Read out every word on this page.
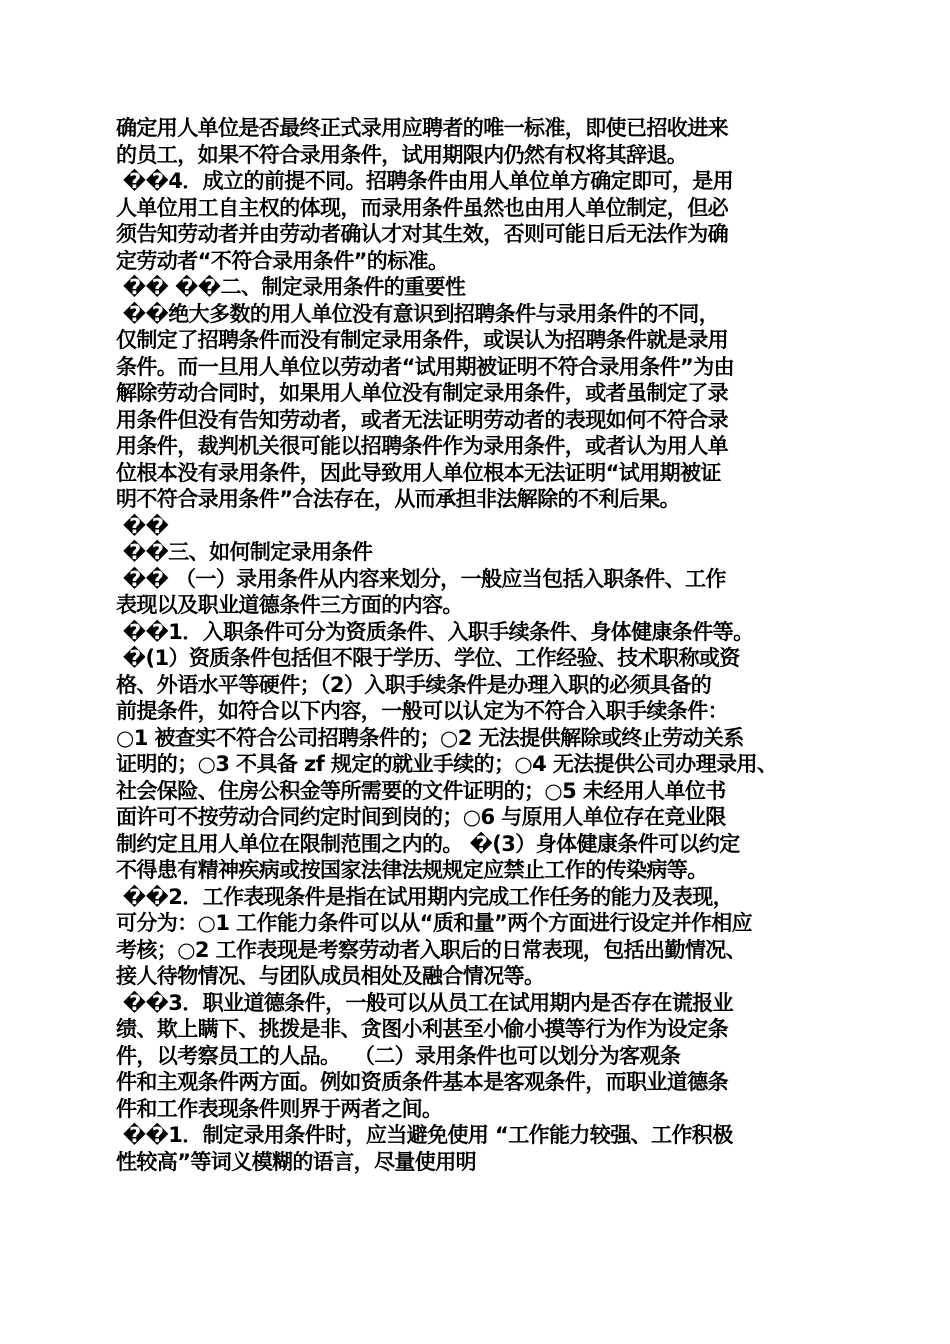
确定用人单位是否最终正式录用应聘者的唯一标准，即使已招收进来
的员工，如果不符合录用条件，试用期限内仍然有权将其辞退。
��4．成立的前提不同。招聘条件由用人单位单方确定即可，是用
人单位用工自主权的体现，而录用条件虽然也由用人单位制定，但必
须告知劳动者并由劳动者确认才对其生效，否则可能日后无法作为确
定劳动者“不符合录用条件”的标准。
�� ��二、制定录用条件的重要性
��绝大多数的用人单位没有意识到招聘条件与录用条件的不同，
仅制定了招聘条件而没有制定录用条件，或误认为招聘条件就是录用
条件。而一旦用人单位以劳动者“试用期被证明不符合录用条件”为由
解除劳动合同时，如果用人单位没有制定录用条件，或者虽制定了录
用条件但没有告知劳动者，或者无法证明劳动者的表现如何不符合录
用条件，裁判机关很可能以招聘条件作为录用条件，或者认为用人单
位根本没有录用条件，因此导致用人单位根本无法证明“试用期被证
明不符合录用条件”合法存在，从而承担非法解除的不利后果。
��
��三、如何制定录用条件
�� （一）录用条件从内容来划分，一般应当包括入职条件、工作
表现以及职业道德条件三方面的内容。
��1．入职条件可分为资质条件、入职手续条件、身体健康条件等。
�(1）资质条件包括但不限于学历、学位、工作经验、技术职称或资
格、外语水平等硬件；（2）入职手续条件是办理入职的必须具备的
前提条件，如符合以下内容，一般可以认定为不符合入职手续条件：
○1 被查实不符合公司招聘条件的；○2 无法提供解除或终止劳动关系
证明的；○3 不具备 zf 规定的就业手续的；○4 无法提供公司办理录用、
社会保险、住房公积金等所需要的文件证明的；○5 未经用人单位书
面许可不按劳动合同约定时间到岗的；○6 与原用人单位存在竞业限
制约定且用人单位在限制范围之内的。 �(3）身体健康条件可以约定
不得患有精神疾病或按国家法律法规规定应禁止工作的传染病等。
��2．工作表现条件是指在试用期内完成工作任务的能力及表现，
可分为：○1 工作能力条件可以从“质和量”两个方面进行设定并作相应
考核；○2 工作表现是考察劳动者入职后的日常表现，包括出勤情况、
接人待物情况、与团队成员相处及融合情况等。
��3．职业道德条件，一般可以从员工在试用期内是否存在谎报业
绩、欺上瞒下、挑拨是非、贪图小利甚至小偷小摸等行为作为设定条
件，以考察员工的人品。  （二）录用条件也可以划分为客观条
件和主观条件两方面。例如资质条件基本是客观条件，而职业道德条
件和工作表现条件则界于两者之间。
��1．制定录用条件时，应当避免使用 “工作能力较强、工作积极
性较高”等词义模糊的语言，尽量使用明
